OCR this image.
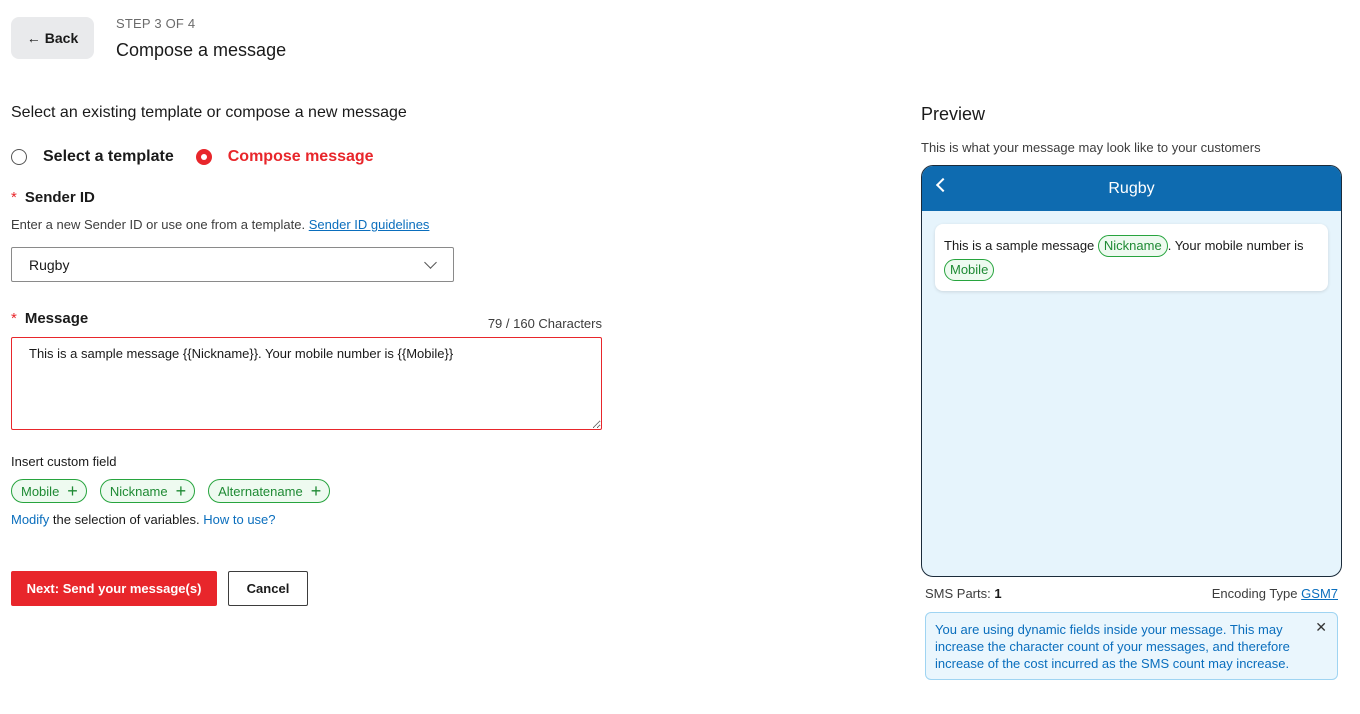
← Back
STEP 3 OF 4
Compose a message
Select an existing template or compose a new message
Select a template	Compose message
* Sender ID
Enter a new Sender ID or use one from a template. Sender ID guidelines
Rugby
* Message	79 / 160 Characters
This is a sample message {{Nickname}}. Your mobile number is {{Mobile}}
Insert custom field
Mobile + Nickname + Alternatename +
Modify the selection of variables. How to use?
Next: Send your message(s)	Cancel
Preview
This is what your message may look like to your customers
Rugby
This is a sample message Nickname . Your mobile number is Mobile
SMS Parts: 1	Encoding Type GSM7
You are using dynamic fields inside your message. This may increase the character count of your messages, and therefore increase of the cost incurred as the SMS count may increase.
✕
